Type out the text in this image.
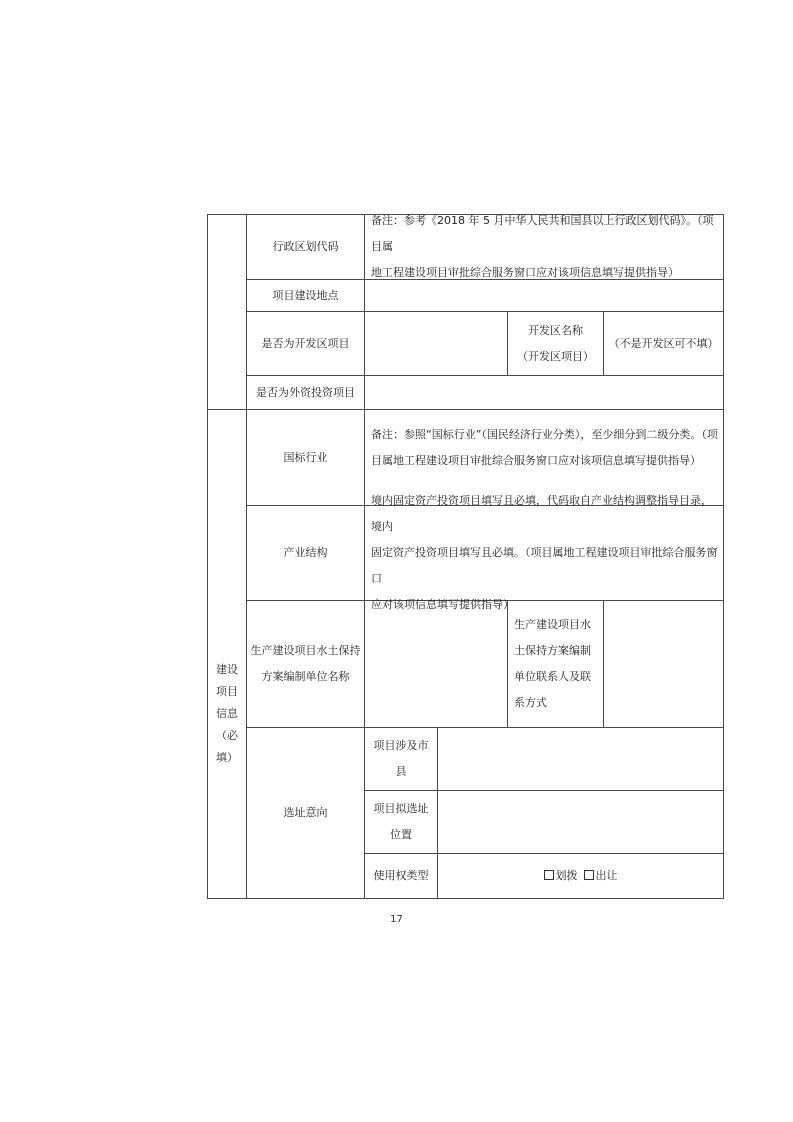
行政区划代码
备注：参考《2018 年 5 月中华人民共和国县以上行政区划代码》。（项目属
地工程建设项目审批综合服务窗口应对该项信息填写提供指导）
项目建设地点
是否为开发区项目
开发区名称
（开发区项目）
（不是开发区可不填）
是否为外资投资项目
建设
项目
信息
（必
填）
国标行业
备注：参照“国标行业”（国民经济行业分类），至少细分到二级分类。（项
目属地工程建设项目审批综合服务窗口应对该项信息填写提供指导）
产业结构
境内固定资产投资项目填写且必填，代码取自产业结构调整指导目录，境内
固定资产投资项目填写且必填。（项目属地工程建设项目审批综合服务窗口
应对该项信息填写提供指导）
生产建设项目水土保持
方案编制单位名称
生产建设项目水
土保持方案编制
单位联系人及联
系方式
选址意向
项目涉及市
县
项目拟选址
位置
使用权类型	划拨	出让
17
